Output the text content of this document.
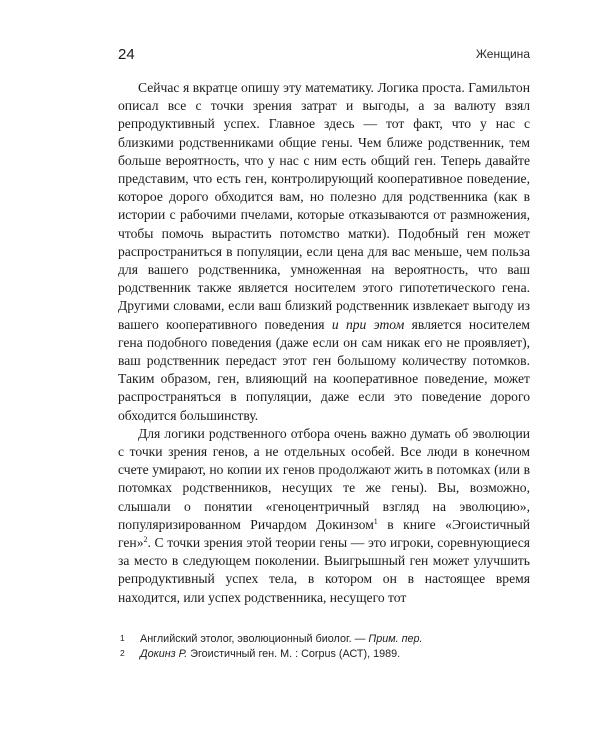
24	Женщина

Сейчас я вкратце опишу эту математику. Логика проста. Гамильтон описал все с точки зрения затрат и выгоды, а за валюту взял репродуктивный успех. Главное здесь — тот факт, что у нас с близкими родственниками общие гены. Чем ближе родственник, тем больше вероятность, что у нас с ним есть общий ген. Теперь давайте представим, что есть ген, контролирующий кооперативное поведение, которое дорого обходится вам, но полезно для родственника (как в истории с рабочими пчелами, которые отказываются от размножения, чтобы помочь вырастить потомство матки). Подобный ген может распространиться в популяции, если цена для вас меньше, чем польза для вашего родственника, умноженная на вероятность, что ваш родственник также является носителем этого гипотетического гена. Другими словами, если ваш близкий родственник извлекает выгоду из вашего кооперативного поведения и при этом является носителем гена подобного поведения (даже если он сам никак его не проявляет), ваш родственник передаст этот ген большому количеству потомков. Таким образом, ген, влияющий на кооперативное поведение, может распространяться в популяции, даже если это поведение дорого обходится большинству.

Для логики родственного отбора очень важно думать об эволюции с точки зрения генов, а не отдельных особей. Все люди в конечном счете умирают, но копии их генов продолжают жить в потомках (или в потомках родственников, несущих те же гены). Вы, возможно, слышали о понятии «геноцентричный взгляд на эволюцию», популяризированном Ричардом Докинзом$^1$ в книге «Эгоистичный ген»$^2$. С точки зрения этой теории гены — это игроки, соревнующиеся за место в следующем поколении. Выигрышный ген может улучшить репродуктивный успех тела, в котором он в настоящее время находится, или успех родственника, несущего тот

1	Английский этолог, эволюционный биолог. — Прим. пер.
2	Докинз Р. Эгоистичный ген. М. : Corpus (АСТ), 1989.
